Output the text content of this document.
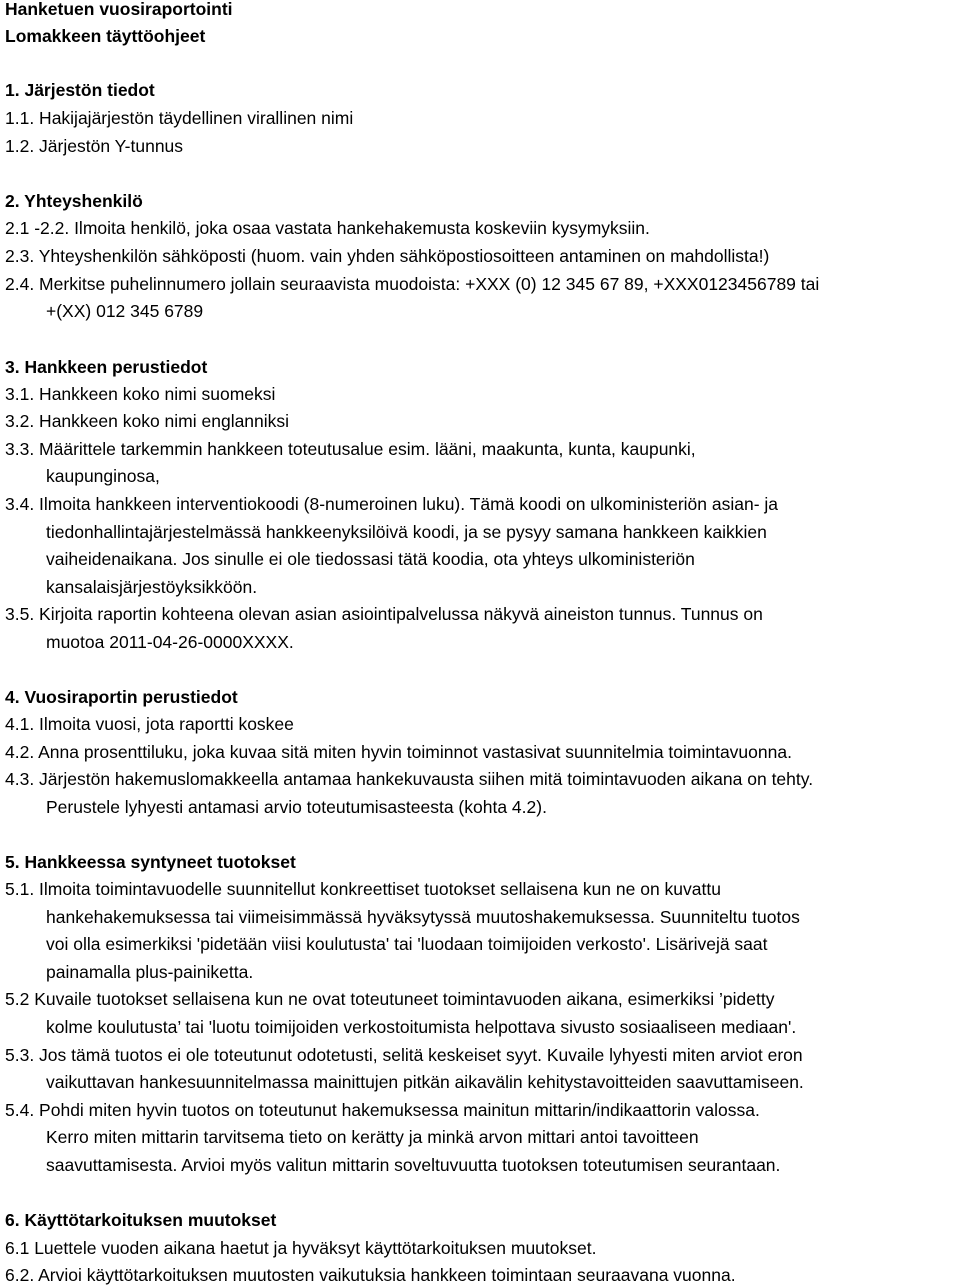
Hanketuen vuosiraportointi
Lomakkeen täyttöohjeet
1. Järjestön tiedot
1.1. Hakijajärjestön täydellinen virallinen nimi
1.2. Järjestön Y-tunnus
2. Yhteyshenkilö
2.1 -2.2. Ilmoita henkilö, joka osaa vastata hankehakemusta koskeviin kysymyksiin.
2.3. Yhteyshenkilön sähköposti (huom. vain yhden sähköpostiosoitteen antaminen on mahdollista!)
2.4. Merkitse puhelinnumero jollain seuraavista muodoista: +XXX (0) 12 345 67 89, +XXX0123456789 tai
+(XX) 012 345 6789
3. Hankkeen perustiedot
3.1. Hankkeen koko nimi suomeksi
3.2. Hankkeen koko nimi englanniksi
3.3. Määrittele tarkemmin hankkeen toteutusalue esim. lääni, maakunta, kunta, kaupunki,
kaupunginosa,
3.4. Ilmoita hankkeen interventiokoodi (8-numeroinen luku). Tämä koodi on ulkoministeriön asian- ja
tiedonhallintajärjestelmässä hankkeenyksilöivä koodi, ja se pysyy samana hankkeen kaikkien
vaiheidenaikana. Jos sinulle ei ole tiedossasi tätä koodia, ota yhteys ulkoministeriön
kansalaisjärjestöyksikköön.
3.5. Kirjoita raportin kohteena olevan asian asiointipalvelussa näkyvä aineiston tunnus. Tunnus on
muotoa 2011-04-26-0000XXXX.
4. Vuosiraportin perustiedot
4.1. Ilmoita vuosi, jota raportti koskee
4.2. Anna prosenttiluku, joka kuvaa sitä miten hyvin toiminnot vastasivat suunnitelmia toimintavuonna.
4.3. Järjestön hakemuslomakkeella antamaa hankekuvausta siihen mitä toimintavuoden aikana on tehty.
Perustele lyhyesti antamasi arvio toteutumisasteesta (kohta 4.2).
5. Hankkeessa syntyneet tuotokset
5.1. Ilmoita toimintavuodelle suunnitellut konkreettiset tuotokset sellaisena kun ne on kuvattu
hankehakemuksessa tai viimeisimmässä hyväksytyssä muutoshakemuksessa. Suunniteltu tuotos
voi olla esimerkiksi 'pidetään viisi koulutusta' tai 'luodaan toimijoiden verkosto'. Lisärivejä saat
painamalla plus-painiketta.
5.2 Kuvaile tuotokset sellaisena kun ne ovat toteutuneet toimintavuoden aikana, esimerkiksi ’pidetty
kolme koulutusta’ tai 'luotu toimijoiden verkostoitumista helpottava sivusto sosiaaliseen mediaan'.
5.3. Jos tämä tuotos ei ole toteutunut odotetusti, selitä keskeiset syyt. Kuvaile lyhyesti miten arviot eron
vaikuttavan hankesuunnitelmassa mainittujen pitkän aikavälin kehitystavoitteiden saavuttamiseen.
5.4. Pohdi miten hyvin tuotos on toteutunut hakemuksessa mainitun mittarin/indikaattorin valossa.
Kerro miten mittarin tarvitsema tieto on kerätty ja minkä arvon mittari antoi tavoitteen
saavuttamisesta. Arvioi myös valitun mittarin soveltuvuutta tuotoksen toteutumisen seurantaan.
6. Käyttötarkoituksen muutokset
6.1 Luettele vuoden aikana haetut ja hyväksyt käyttötarkoituksen muutokset.
6.2. Arvioi käyttötarkoituksen muutosten vaikutuksia hankkeen toimintaan seuraavana vuonna.
